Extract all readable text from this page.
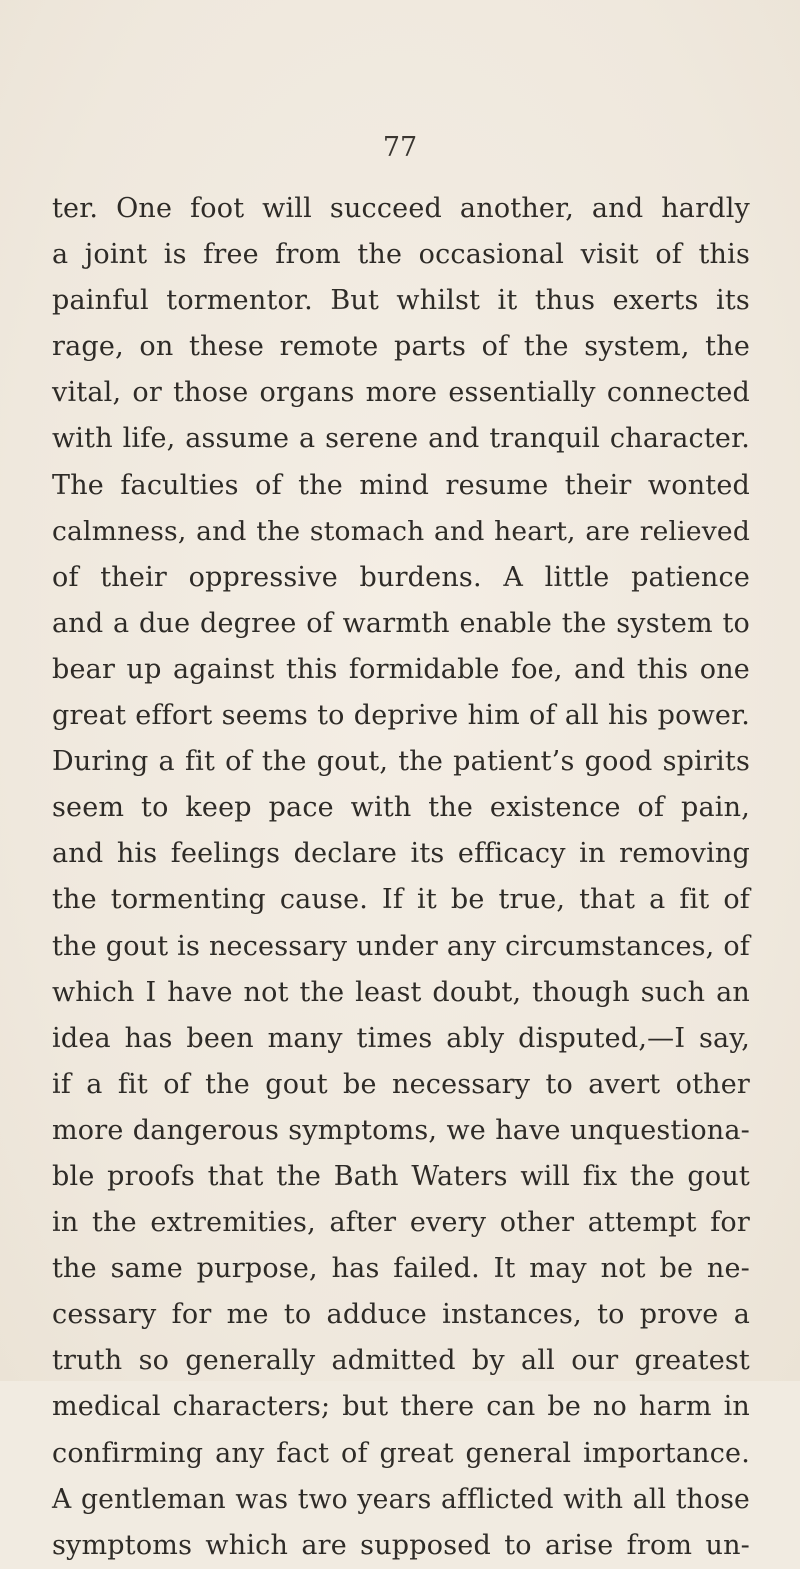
77
ter. One foot will succeed another, and hardly
a joint is free from the occasional visit of this
painful tormentor. But whilst it thus exerts its
rage, on these remote parts of the system, the
vital, or those organs more essentially connected
with life, assume a serene and tranquil character.
The faculties of the mind resume their wonted
calmness, and the stomach and heart, are relieved
of their oppressive burdens. A little patience
and a due degree of warmth enable the system to
bear up against this formidable foe, and this one
great effort seems to deprive him of all his power.
During a fit of the gout, the patient’s good spirits
seem to keep pace with the existence of pain,
and his feelings declare its efficacy in removing
the tormenting cause. If it be true, that a fit of
the gout is necessary under any circumstances, of
which I have not the least doubt, though such an
idea has been many times ably disputed,—I say,
if a fit of the gout be necessary to avert other
more dangerous symptoms, we have unquestiona-
ble proofs that the Bath Waters will fix the gout
in the extremities, after every other attempt for
the same purpose, has failed. It may not be ne-
cessary for me to adduce instances, to prove a
truth so generally admitted by all our greatest
medical characters; but there can be no harm in
confirming any fact of great general importance.
A gentleman was two years afflicted with all those
symptoms which are supposed to arise from un-
